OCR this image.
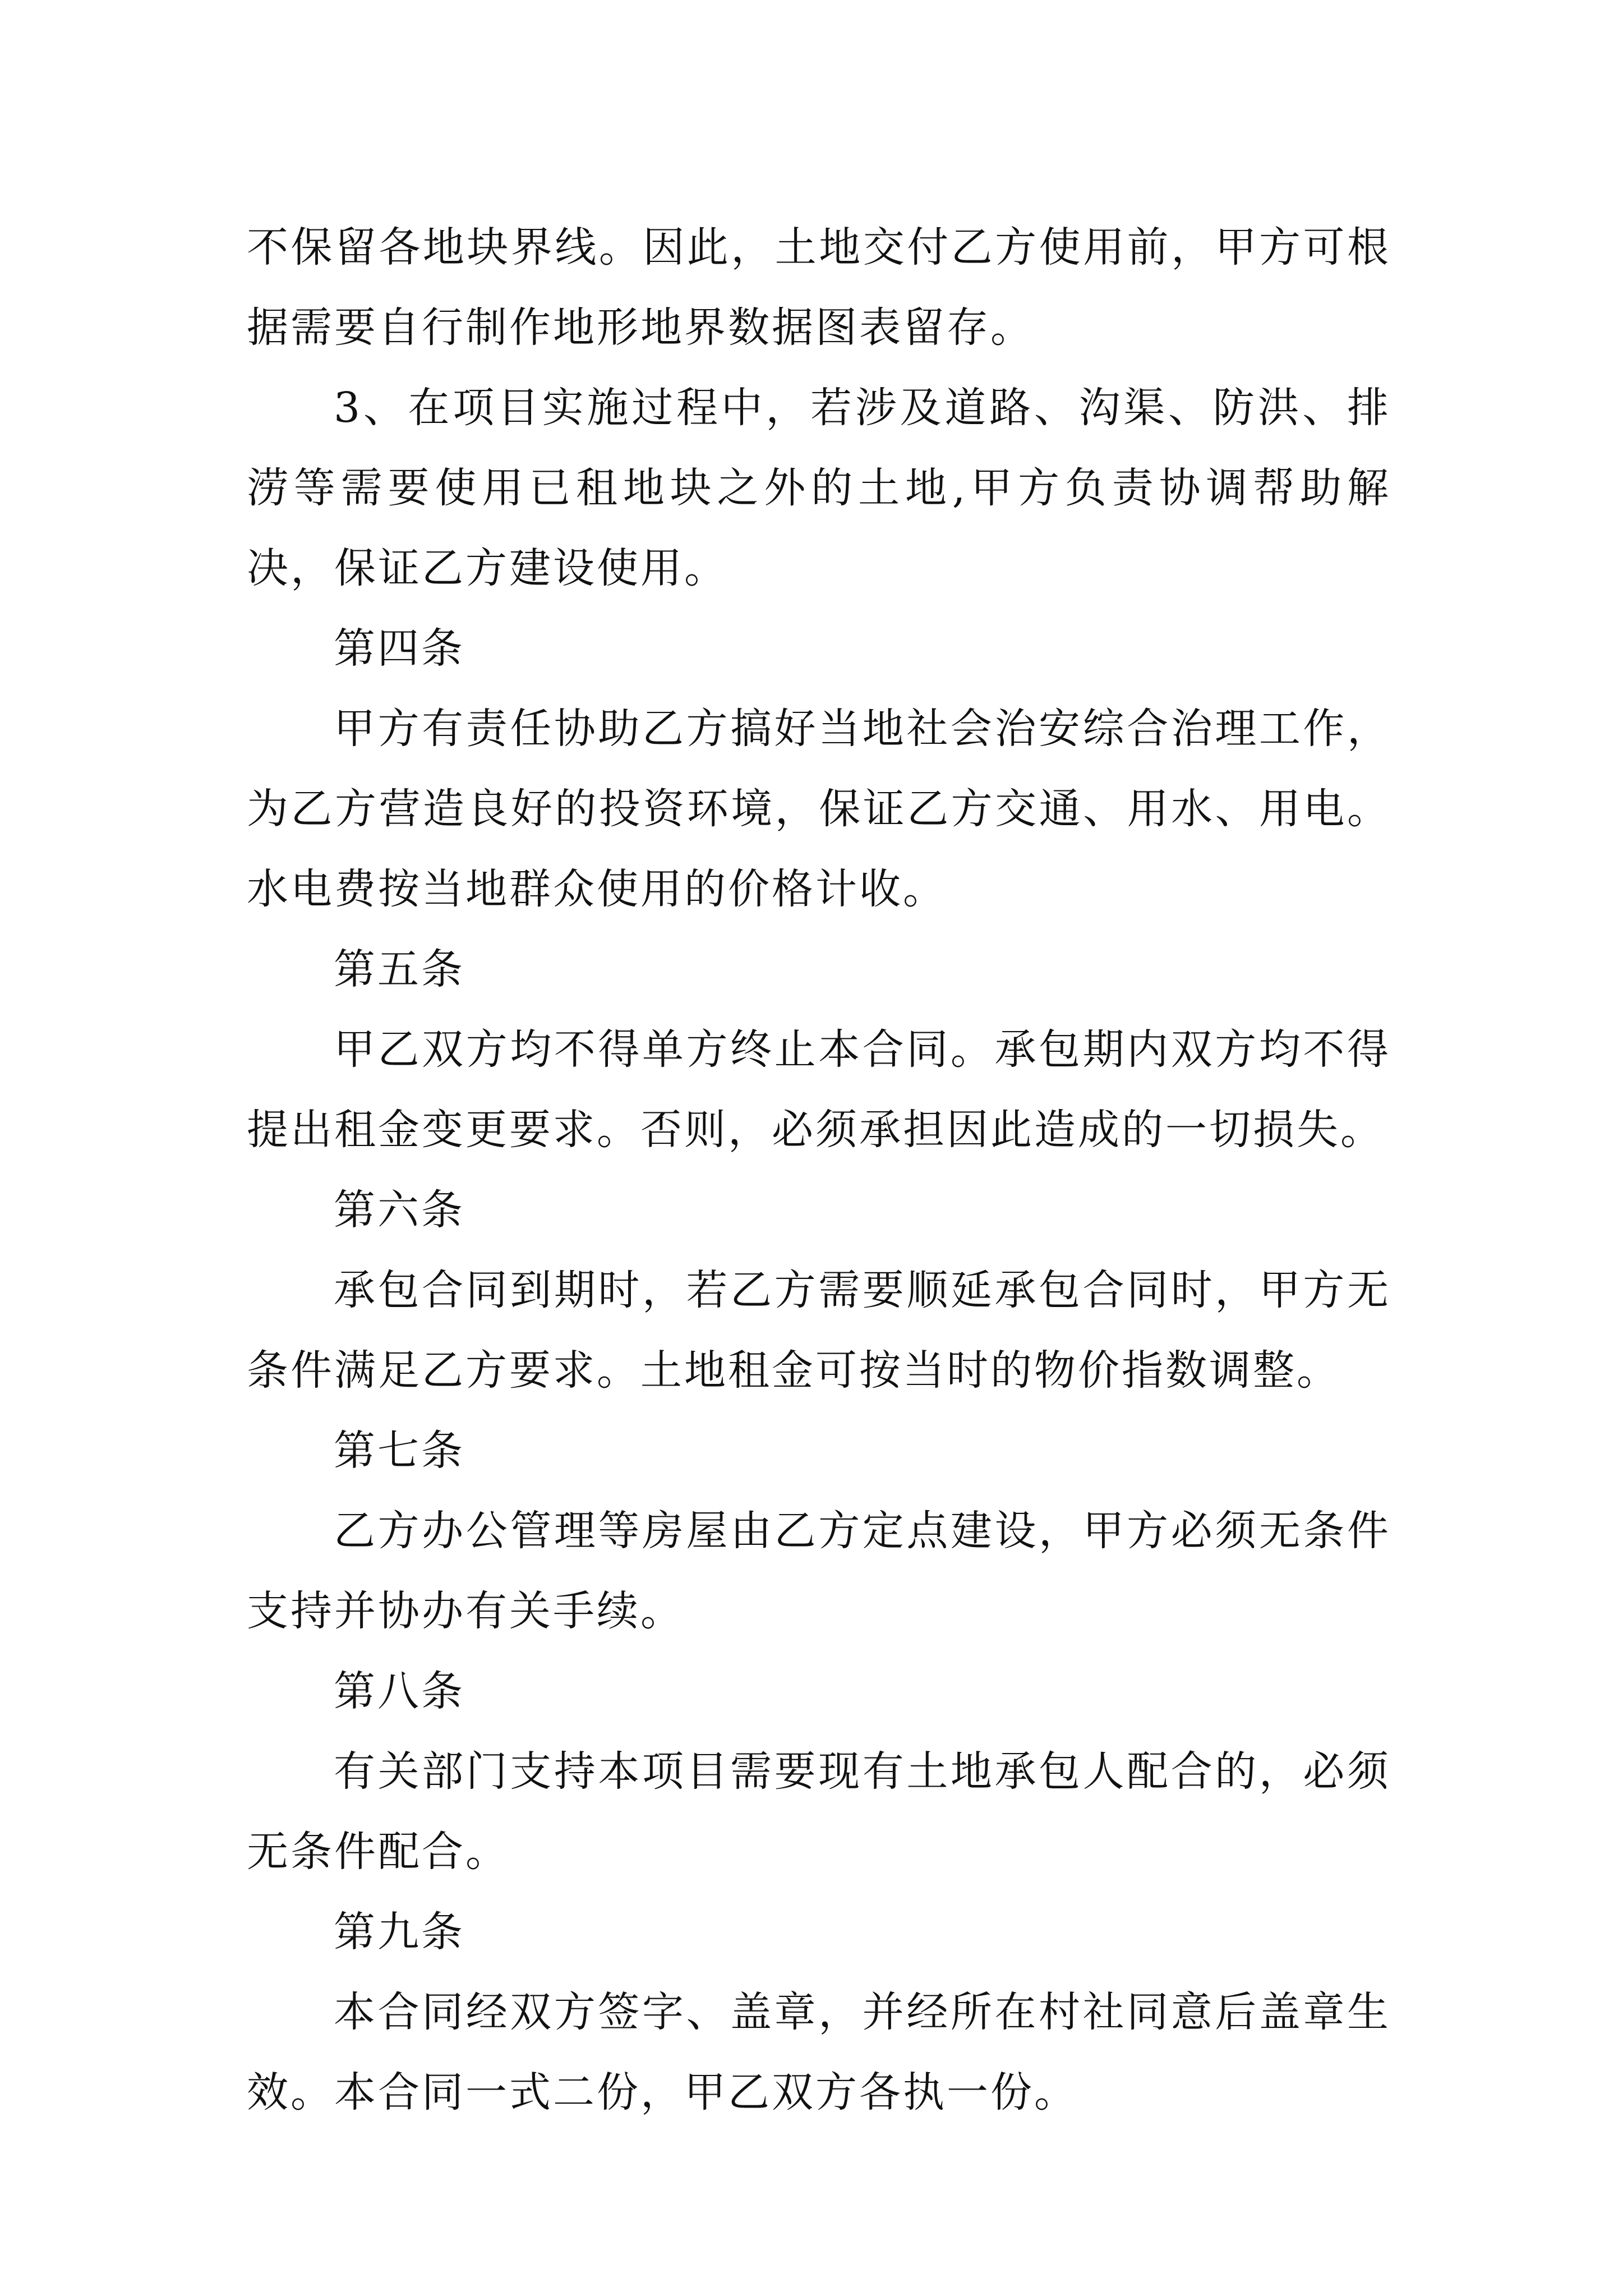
不保留各地块界线。因此，土地交付乙方使用前，甲方可根据需要自行制作地形地界数据图表留存。

3、在项目实施过程中，若涉及道路、沟渠、防洪、排涝等需要使用已租地块之外的土地,甲方负责协调帮助解决，保证乙方建设使用。

第四条

甲方有责任协助乙方搞好当地社会治安综合治理工作，为乙方营造良好的投资环境，保证乙方交通、用水、用电。水电费按当地群众使用的价格计收。

第五条

甲乙双方均不得单方终止本合同。承包期内双方均不得提出租金变更要求。否则，必须承担因此造成的一切损失。

第六条

承包合同到期时，若乙方需要顺延承包合同时，甲方无条件满足乙方要求。土地租金可按当时的物价指数调整。

第七条

乙方办公管理等房屋由乙方定点建设，甲方必须无条件支持并协办有关手续。

第八条

有关部门支持本项目需要现有土地承包人配合的，必须无条件配合。

第九条

本合同经双方签字、盖章，并经所在村社同意后盖章生效。本合同一式二份，甲乙双方各执一份。
